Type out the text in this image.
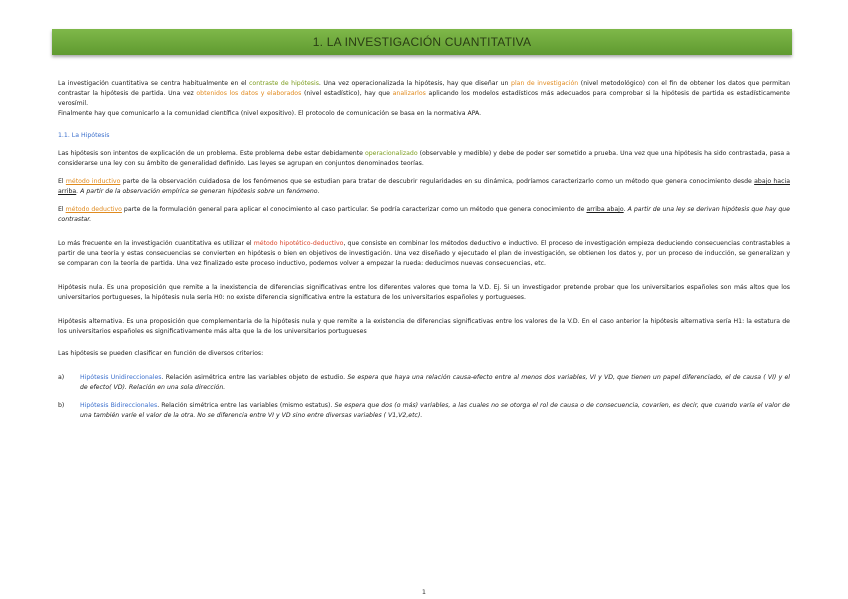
1. LA INVESTIGACIÓN CUANTITATIVA

La investigación cuantitativa se centra habitualmente en el contraste de hipótesis. Una vez operacionalizada la hipótesis, hay que diseñar un plan de investigación (nivel metodológico) con el fin de obtener los datos que permitan contrastar la hipótesis de partida. Una vez obtenidos los datos y elaborados (nivel estadístico), hay que analizarlos aplicando los modelos estadísticos más adecuados para comprobar si la hipótesis de partida es estadísticamente verosímil.

Finalmente hay que comunicarlo a la comunidad científica (nivel expositivo). El protocolo de comunicación se basa en la normativa APA.

1.1. La Hipótesis

Las hipótesis son intentos de explicación de un problema. Este problema debe estar debidamente operacionalizado (observable y medible) y debe de poder ser sometido a prueba. Una vez que una hipótesis ha sido contrastada, pasa a considerarse una ley con su ámbito de generalidad definido. Las leyes se agrupan en conjuntos denominados teorías.

El método inductivo parte de la observación cuidadosa de los fenómenos que se estudian para tratar de descubrir regularidades en su dinámica, podríamos caracterizarlo como un método que genera conocimiento desde abajo hacia arriba. A partir de la observación empírica se generan hipótesis sobre un fenómeno.

El método deductivo parte de la formulación general para aplicar el conocimiento al caso particular. Se podría caracterizar como un método que genera conocimiento de arriba abajo. A partir de una ley se derivan hipótesis que hay que contrastar.

Lo más frecuente en la investigación cuantitativa es utilizar el método hipotético-deductivo, que consiste en combinar los métodos deductivo e inductivo. El proceso de investigación empieza deduciendo consecuencias contrastables a partir de una teoría y estas consecuencias se convierten en hipótesis o bien en objetivos de investigación. Una vez diseñado y ejecutado el plan de investigación, se obtienen los datos y, por un proceso de inducción, se generalizan y se comparan con la teoría de partida. Una vez finalizado este proceso inductivo, podemos volver a empezar la rueda: deducimos nuevas consecuencias, etc.

Hipótesis nula. Es una proposición que remite a la inexistencia de diferencias significativas entre los diferentes valores que toma la V.D. Ej. Si un investigador pretende probar que los universitarios españoles son más altos que los universitarios portugueses, la hipótesis nula sería H0: no existe diferencia significativa entre la estatura de los universitarios españoles y portugueses.

Hipótesis alternativa. Es una proposición que complementaria de la hipótesis nula y que remite a la existencia de diferencias significativas entre los valores de la V.D. En el caso anterior la hipótesis alternativa sería H1: la estatura de los universitarios españoles es significativamente más alta que la de los universitarios portugueses

Las hipótesis se pueden clasificar en función de diversos criterios:

a)	Hipótesis Unidireccionales. Relación asimétrica entre las variables objeto de estudio. Se espera que haya una relación causa-efecto entre al menos dos variables, VI y VD, que tienen un papel diferenciado, el de causa ( VI) y el de efecto( VD). Relación en una sola dirección.

b)	Hipótesis Bidireccionales. Relación simétrica entre las variables (mismo estatus). Se espera que dos (o más) variables, a las cuales no se otorga el rol de causa o de consecuencia, covaríen, es decir, que cuando varía el valor de una también varíe el valor de la otra. No se diferencia entre VI y VD sino entre diversas variables ( V1,V2,etc).

1
